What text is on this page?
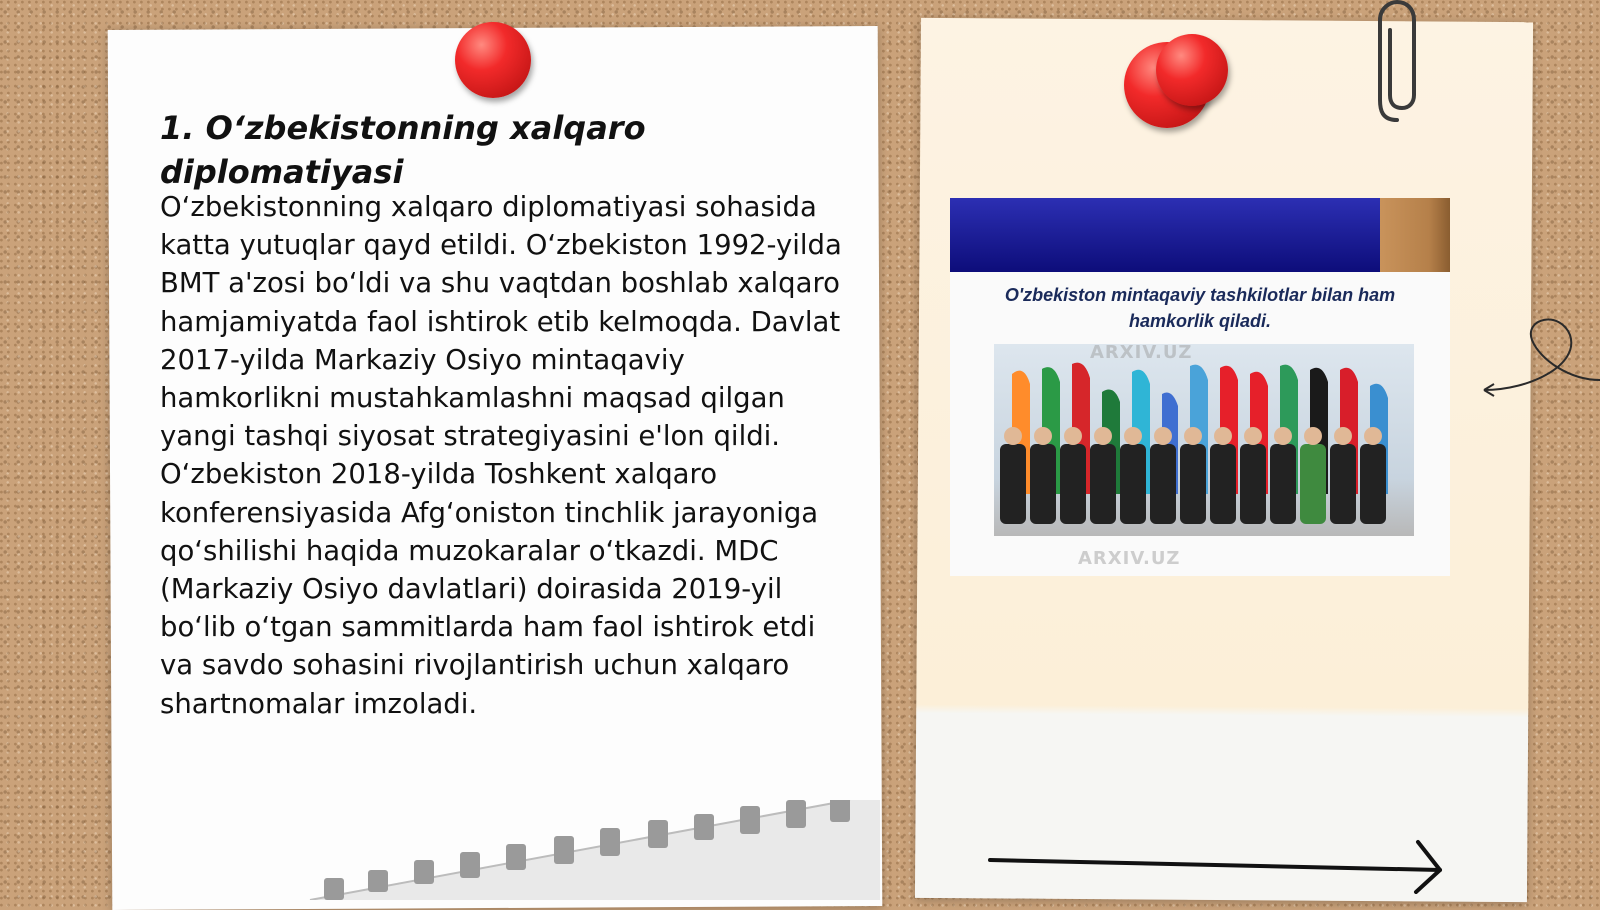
1. O‘zbekistonning xalqaro diplomatiyasi

O‘zbekistonning xalqaro diplomatiyasi sohasida katta yutuqlar qayd etildi. O‘zbekiston 1992-yilda BMT a'zosi bo‘ldi va shu vaqtdan boshlab xalqaro hamjamiyatda faol ishtirok etib kelmoqda. Davlat 2017-yilda Markaziy Osiyo mintaqaviy hamkorlikni mustahkamlashni maqsad qilgan yangi tashqi siyosat strategiyasini e'lon qildi. O‘zbekiston 2018-yilda Toshkent xalqaro konferensiyasida Afg‘oniston tinchlik jarayoniga qo‘shilishi haqida muzokaralar o‘tkazdi. MDC (Markaziy Osiyo davlatlari) doirasida 2019-yil bo‘lib o‘tgan sammitlarda ham faol ishtirok etdi va savdo sohasini rivojlantirish uchun xalqaro shartnomalar imzoladi.

O'zbekiston mintaqaviy tashkilotlar bilan ham hamkorlik qiladi.

ARXIV.UZ
ARXIV.UZ
